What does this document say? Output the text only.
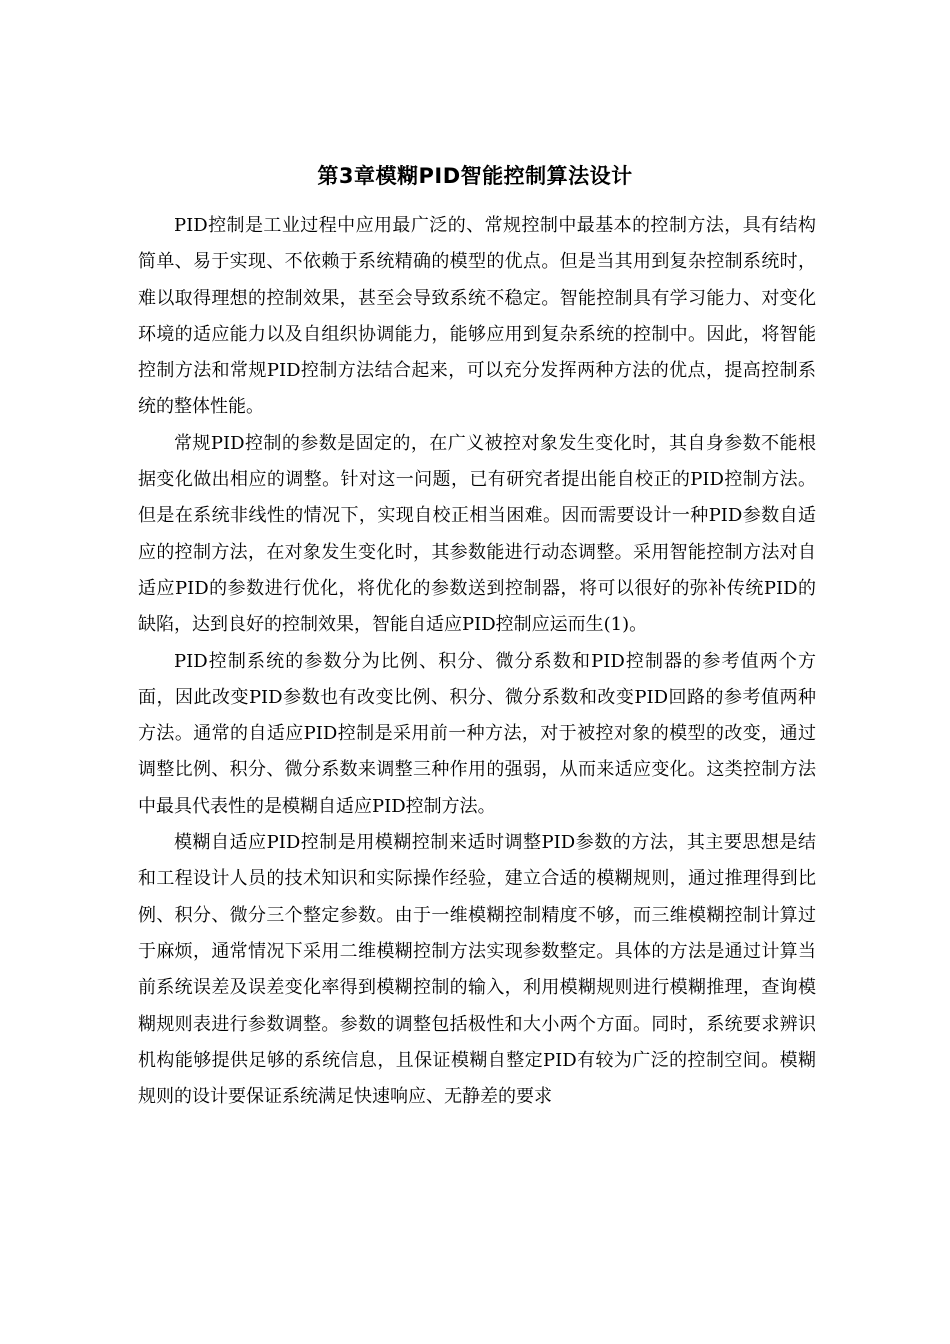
第3章模糊PID智能控制算法设计

PID控制是工业过程中应用最广泛的、常规控制中最基本的控制方法，具有结构简单、易于实现、不依赖于系统精确的模型的优点。但是当其用到复杂控制系统时，难以取得理想的控制效果，甚至会导致系统不稳定。智能控制具有学习能力、对变化环境的适应能力以及自组织协调能力，能够应用到复杂系统的控制中。因此，将智能控制方法和常规PID控制方法结合起来，可以充分发挥两种方法的优点，提高控制系统的整体性能。

常规PID控制的参数是固定的，在广义被控对象发生变化时，其自身参数不能根据变化做出相应的调整。针对这一问题，已有研究者提出能自校正的PID控制方法。但是在系统非线性的情况下，实现自校正相当困难。因而需要设计一种PID参数自适应的控制方法，在对象发生变化时，其参数能进行动态调整。采用智能控制方法对自适应PID的参数进行优化，将优化的参数送到控制器，将可以很好的弥补传统PID的缺陷，达到良好的控制效果，智能自适应PID控制应运而生(1)。

PID控制系统的参数分为比例、积分、微分系数和PID控制器的参考值两个方面，因此改变PID参数也有改变比例、积分、微分系数和改变PID回路的参考值两种方法。通常的自适应PID控制是采用前一种方法，对于被控对象的模型的改变，通过调整比例、积分、微分系数来调整三种作用的强弱，从而来适应变化。这类控制方法中最具代表性的是模糊自适应PID控制方法。

模糊自适应PID控制是用模糊控制来适时调整PID参数的方法，其主要思想是结和工程设计人员的技术知识和实际操作经验，建立合适的模糊规则，通过推理得到比例、积分、微分三个整定参数。由于一维模糊控制精度不够，而三维模糊控制计算过于麻烦，通常情况下采用二维模糊控制方法实现参数整定。具体的方法是通过计算当前系统误差及误差变化率得到模糊控制的输入，利用模糊规则进行模糊推理，查询模糊规则表进行参数调整。参数的调整包括极性和大小两个方面。同时，系统要求辨识机构能够提供足够的系统信息，且保证模糊自整定PID有较为广泛的控制空间。模糊规则的设计要保证系统满足快速响应、无静差的要求
